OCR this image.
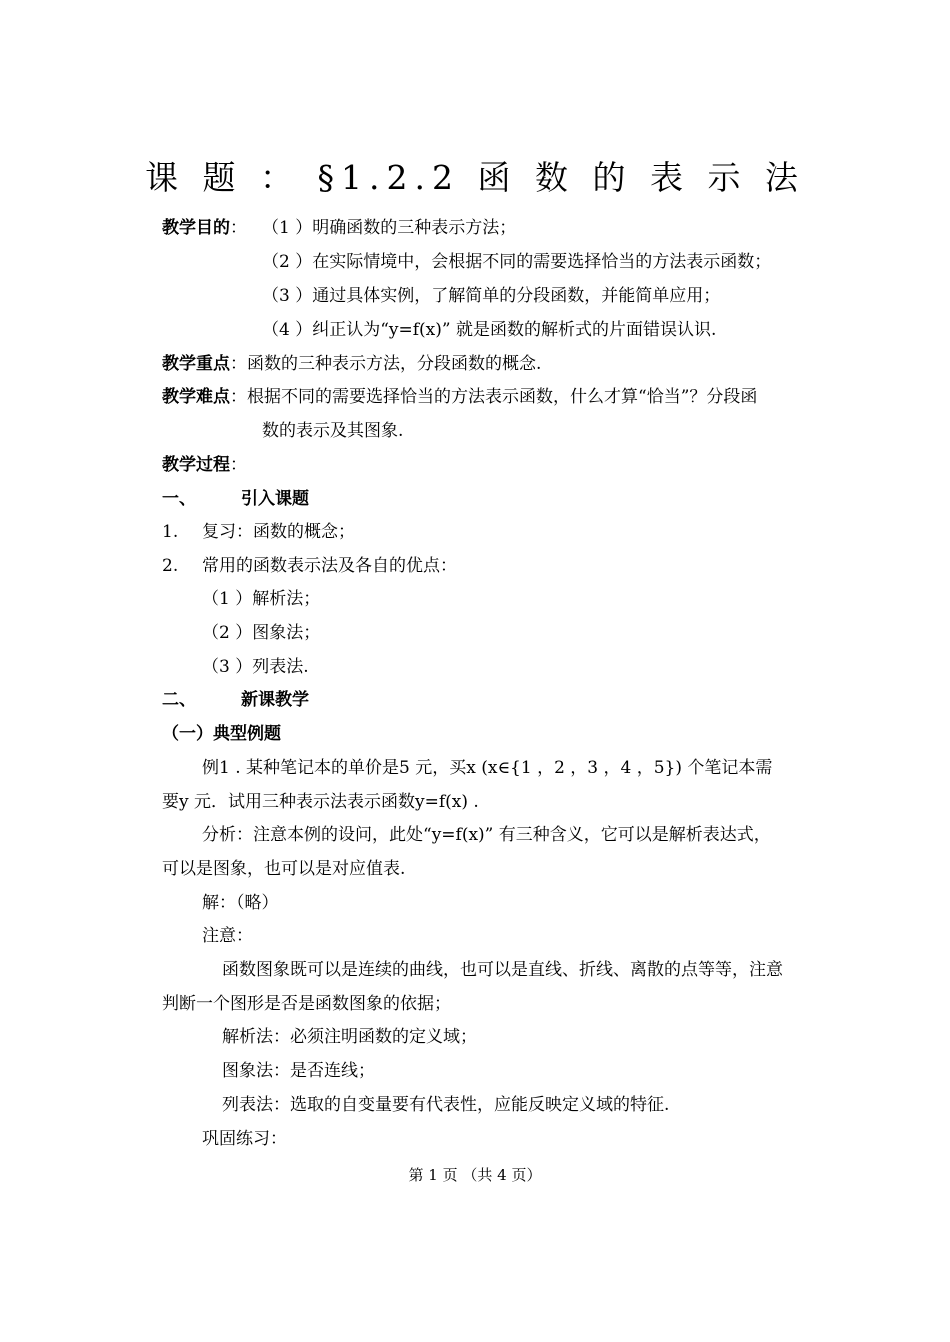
课 题 ： §1.2.2 函 数 的 表 示 法
教学目的： （1 ）明确函数的三种表示方法；
（2 ）在实际情境中，会根据不同的需要选择恰当的方法表示函数；
（3 ）通过具体实例，了解简单的分段函数，并能简单应用；
（4 ）纠正认为“y=f(x)” 就是函数的解析式的片面错误认识.
教学重点：函数的三种表示方法，分段函数的概念.
教学难点：根据不同的需要选择恰当的方法表示函数，什么才算“恰当”？分段函
数的表示及其图象.
教学过程：
一、	引入课题
1. 复习：函数的概念；
2. 常用的函数表示法及各自的优点：
（1 ）解析法；
（2 ）图象法；
（3 ）列表法.
二、	新课教学
（一）典型例题
例1 . 某种笔记本的单价是5 元，买x (x∈{1 ，2 ，3 ，4 ，5}) 个笔记本需
要y 元．试用三种表示法表示函数y=f(x) .
分析：注意本例的设问，此处“y=f(x)” 有三种含义，它可以是解析表达式，
可以是图象，也可以是对应值表.
解：（略）
注意：
函数图象既可以是连续的曲线，也可以是直线、折线、离散的点等等，注意
判断一个图形是否是函数图象的依据；
解析法：必须注明函数的定义域；
图象法：是否连线；
列表法：选取的自变量要有代表性，应能反映定义域的特征.
巩固练习：
第 1 页 （共 4 页）
